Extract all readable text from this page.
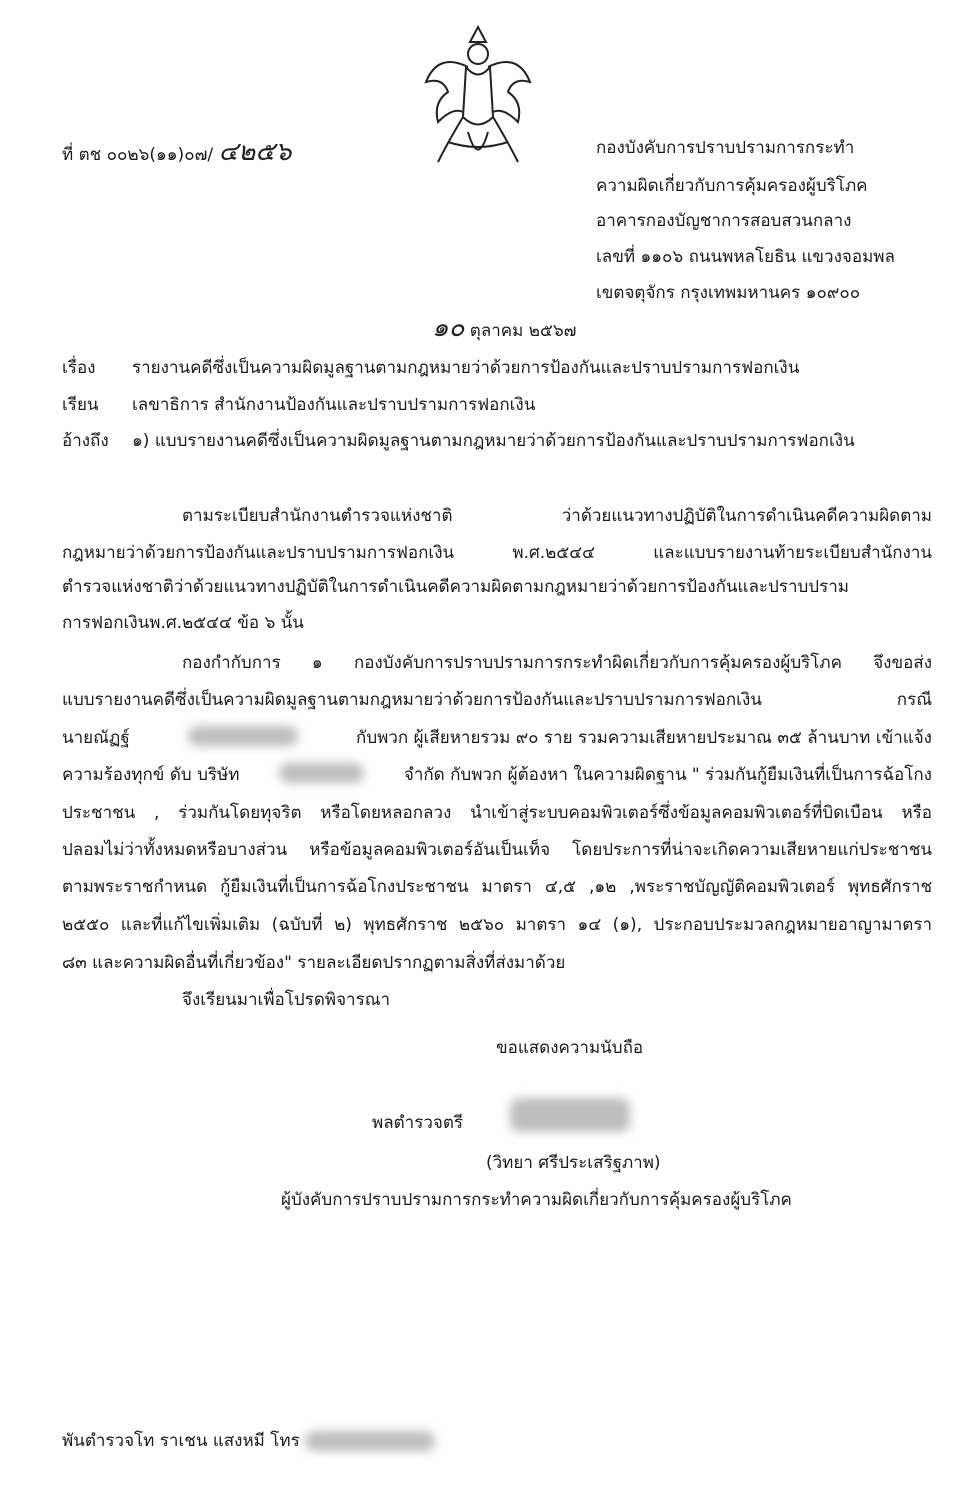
ที่ ตช ๐๐๒๖(๑๑)๐๗/ ๔๒๕๖	กองบังคับการปราบปรามการกระทำ
ความผิดเกี่ยวกับการคุ้มครองผู้บริโภค
อาคารกองบัญชาการสอบสวนกลาง
เลขที่ ๑๑๐๖ ถนนพหลโยธิน แขวงจอมพล
เขตจตุจักร กรุงเทพมหานคร ๑๐๙๐๐
๑๐ ตุลาคม ๒๕๖๗
เรื่อง รายงานคดีซึ่งเป็นความผิดมูลฐานตามกฎหมายว่าด้วยการป้องกันและปราบปรามการฟอกเงิน
เรียน เลขาธิการ สำนักงานป้องกันและปราบปรามการฟอกเงิน
อ้างถึง ๑) แบบรายงานคดีซึ่งเป็นความผิดมูลฐานตามกฎหมายว่าด้วยการป้องกันและปราบปรามการฟอกเงิน
ตามระเบียบสำนักงานตำรวจแห่งชาติ ว่าด้วยแนวทางปฏิบัติในการดำเนินคดีความผิดตาม
กฎหมายว่าด้วยการป้องกันและปราบปรามการฟอกเงิน พ.ศ.๒๕๔๔ และแบบรายงานท้ายระเบียบสำนักงาน
ตำรวจแห่งชาติว่าด้วยแนวทางปฏิบัติในการดำเนินคดีความผิดตามกฎหมายว่าด้วยการป้องกันและปราบปราม
การฟอกเงินพ.ศ.๒๕๔๔ ข้อ ๖ นั้น
กองกำกับการ ๑ กองบังคับการปราบปรามการกระทำผิดเกี่ยวกับการคุ้มครองผู้บริโภค จึงขอส่ง
แบบรายงานคดีซึ่งเป็นความผิดมูลฐานตามกฎหมายว่าด้วยการป้องกันและปราบปรามการฟอกเงิน กรณี
นายณัฏฐ์	กับพวก ผู้เสียหายรวม ๙๐ ราย รวมความเสียหายประมาณ ๓๕ ล้านบาท เข้าแจ้ง
ความร้องทุกข์ ดับ บริษัท	จำกัด กับพวก ผู้ต้องหา ในความผิดฐาน " ร่วมกันกู้ยืมเงินที่เป็นการฉ้อโกง
ประชาชน , ร่วมกันโดยทุจริต หรือโดยหลอกลวง นำเข้าสู่ระบบคอมพิวเตอร์ซึ่งข้อมูลคอมพิวเตอร์ที่บิดเบือน หรือ
ปลอมไม่ว่าทั้งหมดหรือบางส่วน หรือข้อมูลคอมพิวเตอร์อันเป็นเท็จ โดยประการที่น่าจะเกิดความเสียหายแก่ประชาชน
ตามพระราชกำหนด กู้ยืมเงินที่เป็นการฉ้อโกงประชาชน มาตรา ๔,๕ ,๑๒ ,พระราชบัญญัติคอมพิวเตอร์ พุทธศักราช
๒๕๕๐ และที่แก้ไขเพิ่มเติม (ฉบับที่ ๒) พุทธศักราช ๒๕๖๐ มาตรา ๑๔ (๑), ประกอบประมวลกฎหมายอาญามาตรา
๘๓ และความผิดอื่นที่เกี่ยวข้อง" รายละเอียดปรากฏตามสิ่งที่ส่งมาด้วย
จึงเรียนมาเพื่อโปรดพิจารณา
ขอแสดงความนับถือ
พลตำรวจตรี
(วิทยา ศรีประเสริฐภาพ)
ผู้บังคับการปราบปรามการกระทำความผิดเกี่ยวกับการคุ้มครองผู้บริโภค
พันตำรวจโท ราเชน แสงหมี โทร
